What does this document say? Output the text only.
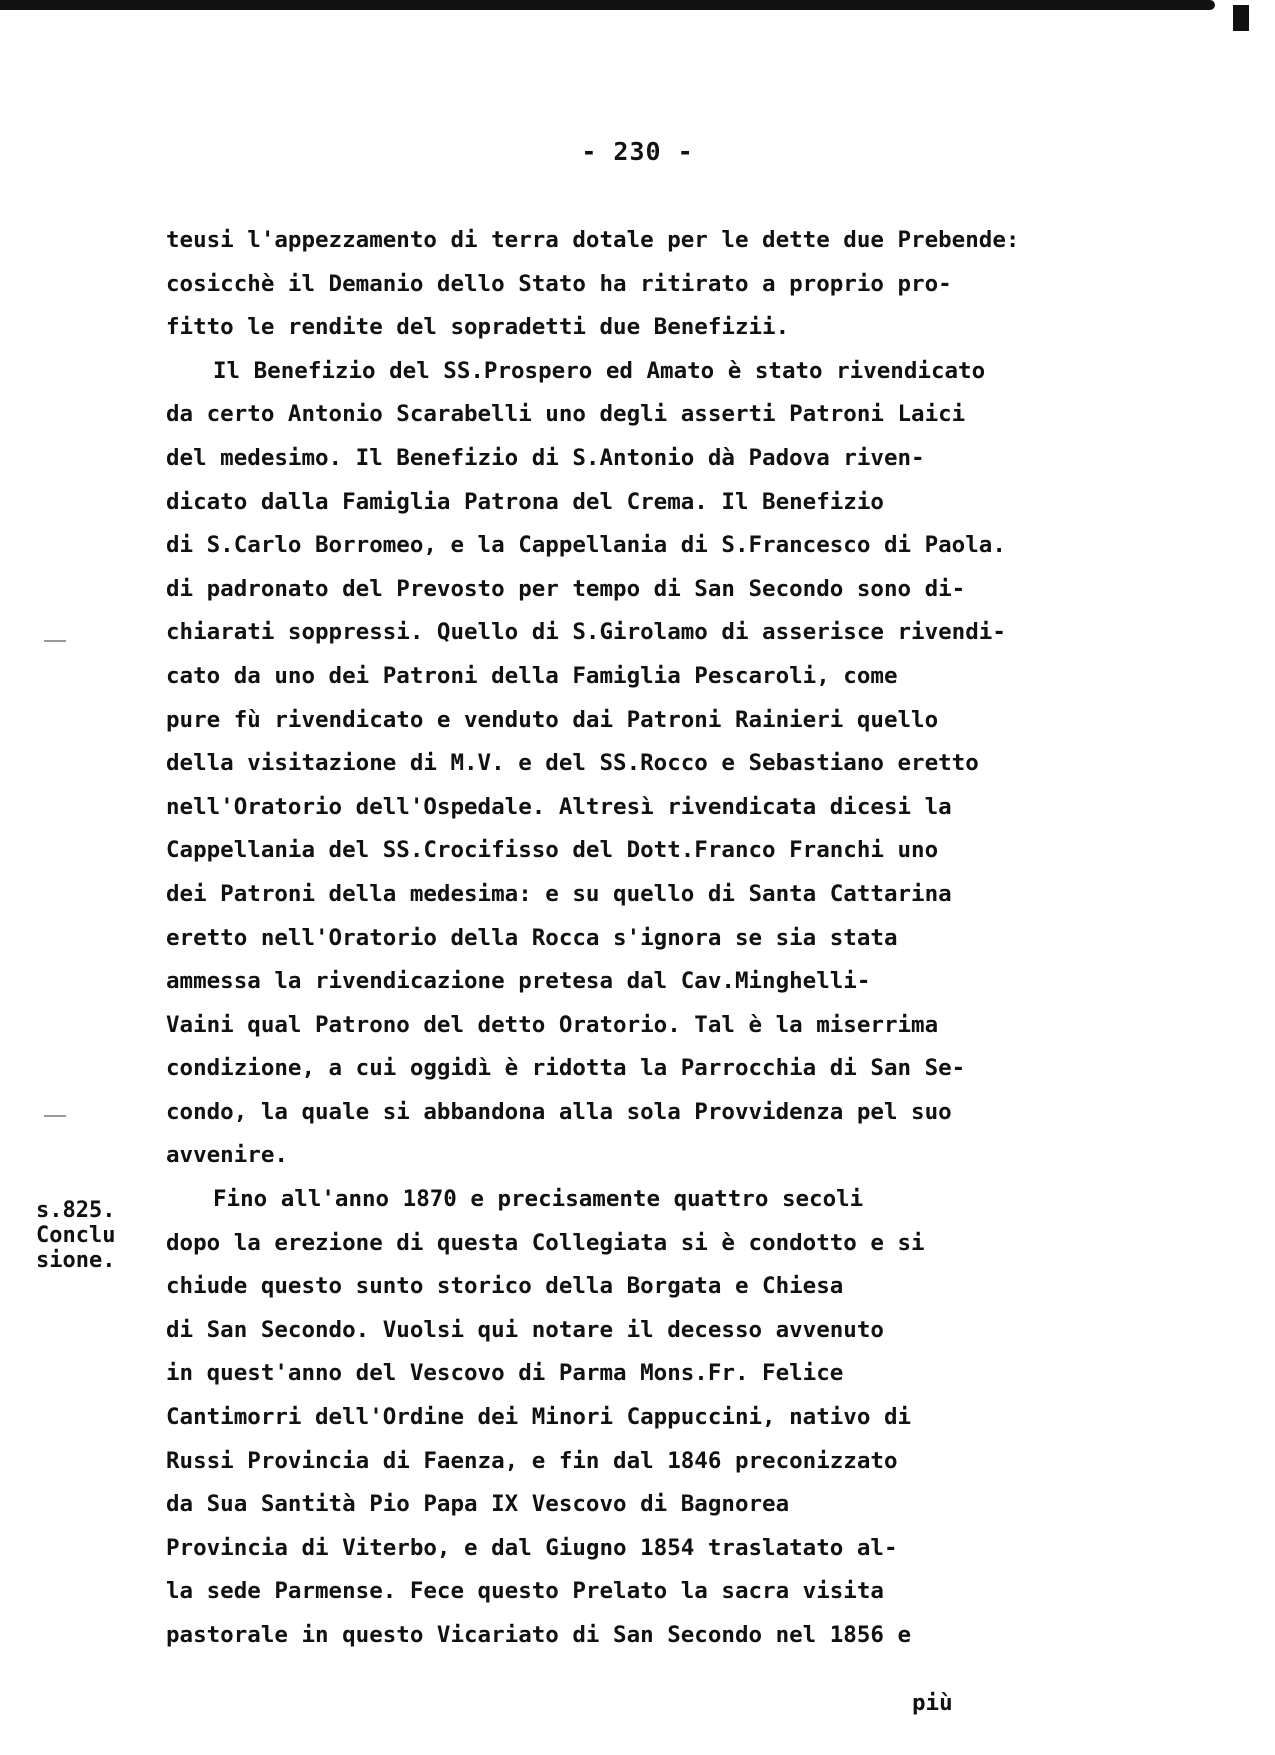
- 230 -
teusi l'appezzamento di terra dotale per le dette due Prebende:
cosicchè il Demanio dello Stato ha ritirato a proprio pro-
fitto le rendite del sopradetti due Benefizii.
Il Benefizio del SS.Prospero ed Amato è stato rivendicato
da certo Antonio Scarabelli uno degli asserti Patroni Laici
del medesimo. Il Benefizio di S.Antonio dà Padova riven-
dicato dalla Famiglia Patrona del Crema. Il Benefizio
di S.Carlo Borromeo, e la Cappellania di S.Francesco di Paola.
di padronato del Prevosto per tempo di San Secondo sono di-
chiarati soppressi. Quello di S.Girolamo di asserisce rivendi-
cato da uno dei Patroni della Famiglia Pescaroli, come
pure fù rivendicato e venduto dai Patroni Rainieri quello
della visitazione di M.V. e del SS.Rocco e Sebastiano eretto
nell'Oratorio dell'Ospedale. Altresì rivendicata dicesi la
Cappellania del SS.Crocifisso del Dott.Franco Franchi uno
dei Patroni della medesima: e su quello di Santa Cattarina
eretto nell'Oratorio della Rocca s'ignora se sia stata
ammessa la rivendicazione pretesa dal Cav.Minghelli-
Vaini qual Patrono del detto Oratorio. Tal è la miserrima
condizione, a cui oggidì è ridotta la Parrocchia di San Se-
condo, la quale si abbandona alla sola Provvidenza pel suo
avvenire.
Fino all'anno 1870 e precisamente quattro secoli
dopo la erezione di questa Collegiata si è condotto e si
chiude questo sunto storico della Borgata e Chiesa
di San Secondo. Vuolsi qui notare il decesso avvenuto
in quest'anno del Vescovo di Parma Mons.Fr. Felice
Cantimorri dell'Ordine dei Minori Cappuccini, nativo di
Russi Provincia di Faenza, e fin dal 1846 preconizzato
da Sua Santità Pio Papa IX Vescovo di Bagnorea
Provincia di Viterbo, e dal Giugno 1854 traslatato al-
la sede Parmense. Fece questo Prelato la sacra visita
pastorale in questo Vicariato di San Secondo nel 1856 e
s.825.
Conclu
sione.
più
